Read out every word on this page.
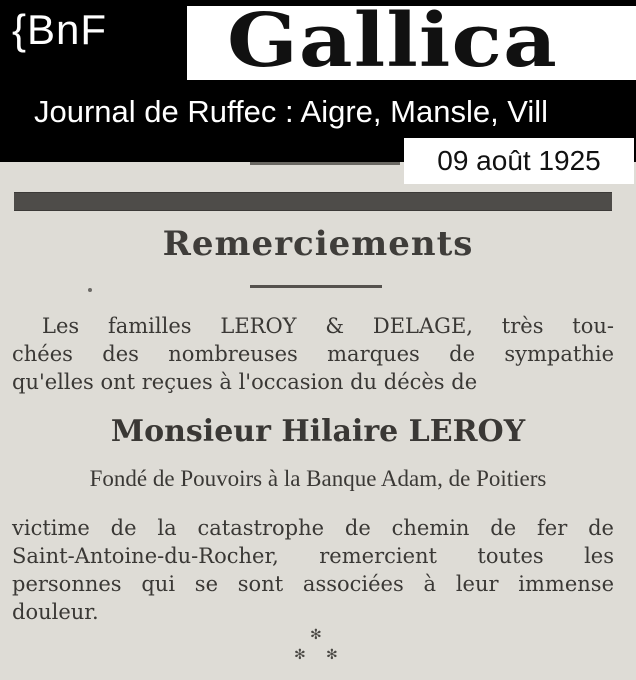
{BnF Gallica
Journal de Ruffec : Aigre, Mansle, Vill
09 août 1925
Remerciements
Les familles LEROY & DELAGE, très tou-
chées des nombreuses marques de sympathie
qu'elles ont reçues à l'occasion du décès de
Monsieur Hilaire LEROY
Fondé de Pouvoirs à la Banque Adam, de Poitiers
victime de la catastrophe de chemin de fer de
Saint-Antoine-du-Rocher, remercient toutes les
personnes qui se sont associées à leur immense
douleur.
✻
✻ ✻
